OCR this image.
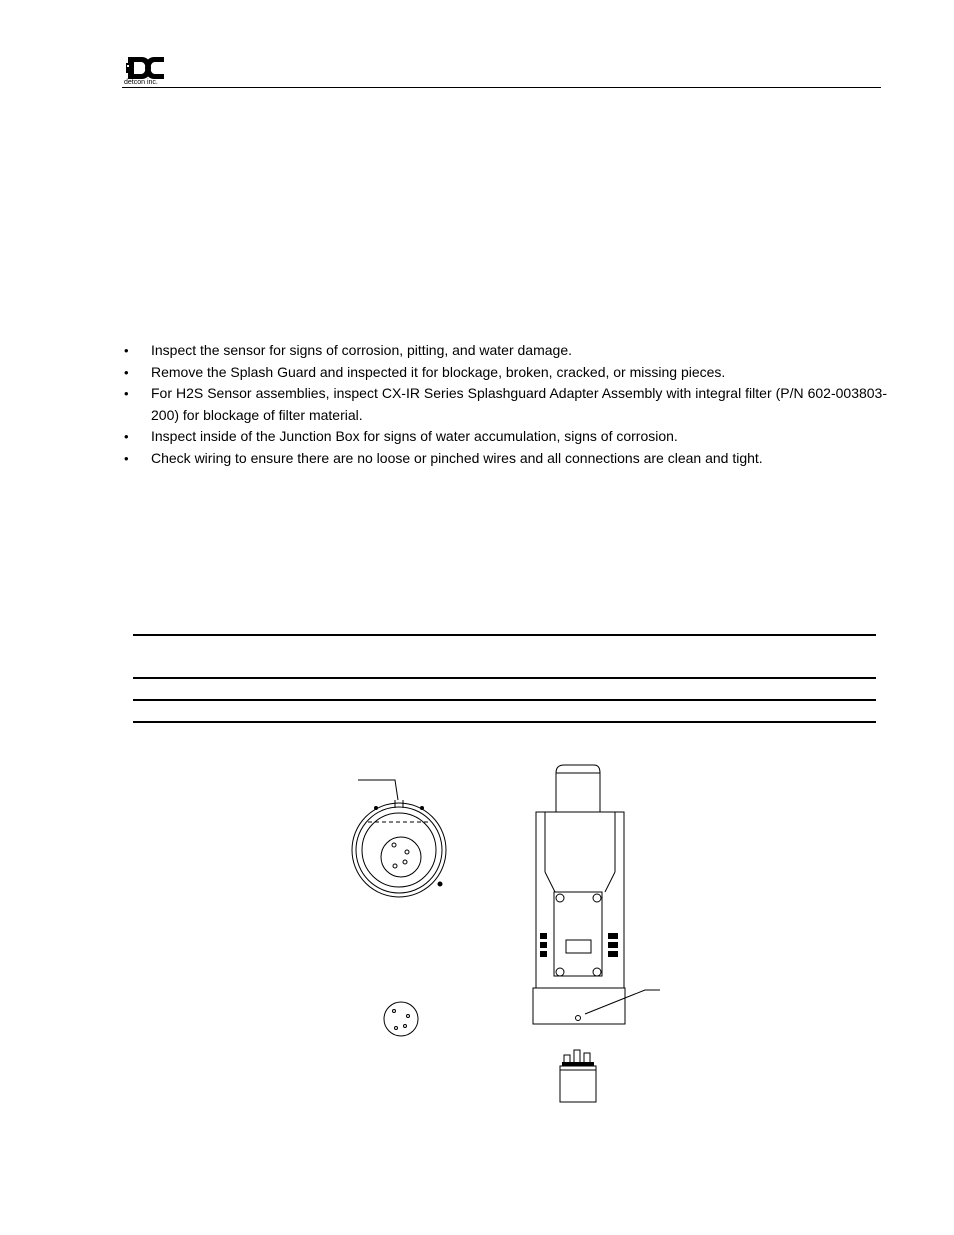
detcon inc.
• Inspect the sensor for signs of corrosion, pitting, and water damage.
• Remove the Splash Guard and inspected it for blockage, broken, cracked, or missing pieces.
• For H2S Sensor assemblies, inspect CX-IR Series Splashguard Adapter Assembly with integral filter (P/N 602-003803-200) for blockage of filter material.
• Inspect inside of the Junction Box for signs of water accumulation, signs of corrosion.
• Check wiring to ensure there are no loose or pinched wires and all connections are clean and tight.
